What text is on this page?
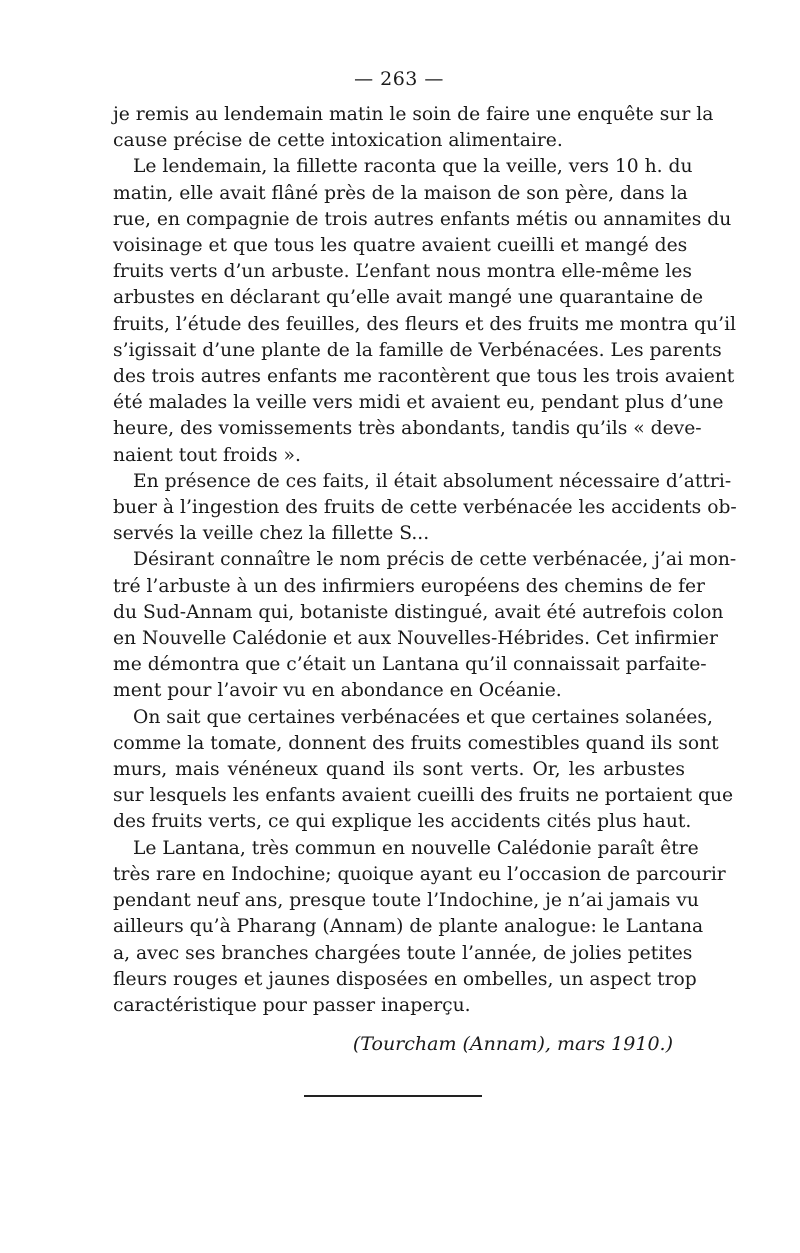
— 263 —

je remis au lendemain matin le soin de faire une enquête sur la
cause précise de cette intoxication alimentaire.

Le lendemain, la fillette raconta que la veille, vers 10 h. du
matin, elle avait flâné près de la maison de son père, dans la
rue, en compagnie de trois autres enfants métis ou annamites du
voisinage et que tous les quatre avaient cueilli et mangé des
fruits verts d’un arbuste. L’enfant nous montra elle-même les
arbustes en déclarant qu’elle avait mangé une quarantaine de
fruits, l’étude des feuilles, des fleurs et des fruits me montra qu’il
s’igissait d’une plante de la famille de Verbénacées. Les parents
des trois autres enfants me racontèrent que tous les trois avaient
été malades la veille vers midi et avaient eu, pendant plus d’une
heure, des vomissements très abondants, tandis qu’ils « deve-
naient tout froids ».

En présence de ces faits, il était absolument nécessaire d’attri-
buer à l’ingestion des fruits de cette verbénacée les accidents ob-
servés la veille chez la fillette S...

Désirant connaître le nom précis de cette verbénacée, j’ai mon-
tré l’arbuste à un des infirmiers européens des chemins de fer
du Sud-Annam qui, botaniste distingué, avait été autrefois colon
en Nouvelle Calédonie et aux Nouvelles-Hébrides. Cet infirmier
me démontra que c’était un Lantana qu’il connaissait parfaite-
ment pour l’avoir vu en abondance en Océanie.

On sait que certaines verbénacées et que certaines solanées,
comme la tomate, donnent des fruits comestibles quand ils sont
murs, mais vénéneux quand ils sont verts. Or, les arbustes
sur lesquels les enfants avaient cueilli des fruits ne portaient que
des fruits verts, ce qui explique les accidents cités plus haut.

Le Lantana, très commun en nouvelle Calédonie paraît être
très rare en Indochine; quoique ayant eu l’occasion de parcourir
pendant neuf ans, presque toute l’Indochine, je n’ai jamais vu
ailleurs qu’à Pharang (Annam) de plante analogue: le Lantana
a, avec ses branches chargées toute l’année, de jolies petites
fleurs rouges et jaunes disposées en ombelles, un aspect trop
caractéristique pour passer inaperçu.

(Tourcham (Annam), mars 1910.)
